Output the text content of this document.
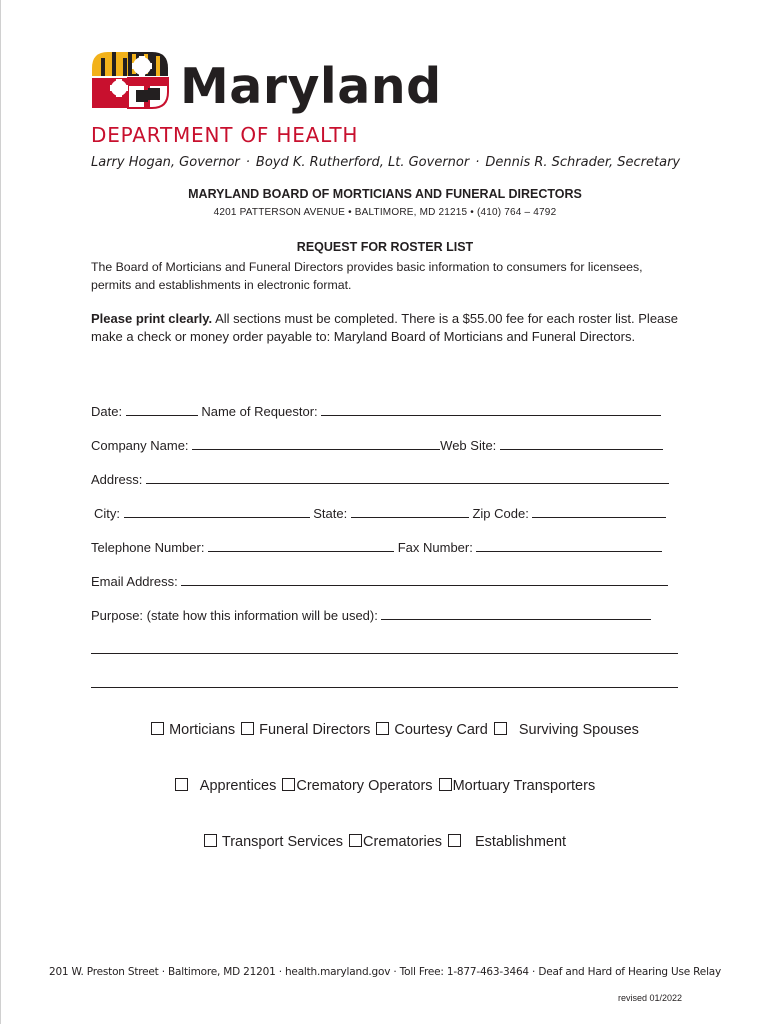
Maryland
DEPARTMENT OF HEALTH
Larry Hogan, Governor · Boyd K. Rutherford, Lt. Governor · Dennis R. Schrader, Secretary
MARYLAND BOARD OF MORTICIANS AND FUNERAL DIRECTORS
4201 PATTERSON AVENUE • BALTIMORE, MD 21215 • (410) 764 – 4792
REQUEST FOR ROSTER LIST
The Board of Morticians and Funeral Directors provides basic information to consumers for licensees, permits and establishments in electronic format.
Please print clearly. All sections must be completed. There is a $55.00 fee for each roster list. Please make a check or money order payable to: Maryland Board of Morticians and Funeral Directors.
Date:	Name of Requestor:
Company Name:	Web Site:
Address:
City:	State:	Zip Code:
Telephone Number:	Fax Number:
Email Address:
Purpose: (state how this information will be used):
Morticians Funeral Directors Courtesy Card Surviving Spouses
Apprentices Crematory Operators Mortuary Transporters
Transport Services Crematories Establishment
201 W. Preston Street · Baltimore, MD 21201 · health.maryland.gov · Toll Free: 1-877-463-3464 · Deaf and Hard of Hearing Use Relay
revised 01/2022
